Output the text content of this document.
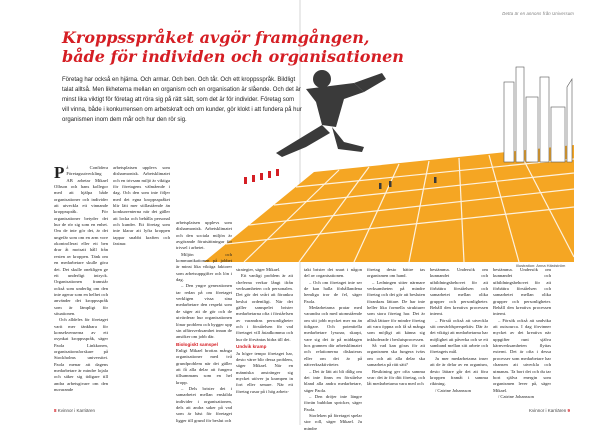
Detta är en annons från Universum
Kroppsspråket avgör framgången,
både för individen och organisationen

Företag har också en hjärna. Och armar. Och ben. Och tår. Och ett kroppsspråk. Bildligt talat alltså. Men likheterna mellan en organism och en organisation är slående. Och det är minst lika viktigt för företag att röra sig på rätt sätt, som det är för individer. Företag som vill vinna, både i konkurrensen om arbetskraft och om kunder, gör klokt i att fundera på hur organismen inom dem mår och hur den rör sig.

Illustration: Anna Härdström

På Confidera Företagsutveckling AB arbetar Mikael Olhson och hans kollegor med att hjälpa både organisationer och individer att utveckla ett vinnande kroppsspråk. För organisationer betyder det hur de rör sig som en enhet. Om de inte gör det, är det ungefär som om en arm vore okontrollerat eller ett ben drar åt motsatt håll från resten av kroppen. Tänk om en medarbetare skulle göra det. Det skulle onekligen ge ett underligt intryck. Organisationen framstår också som underlig om den inte agerar som en helhet och använder det kroppsspråk som är lämpligt för situationen.

Och alldeles för företaget varit mer tänkbara för konsekvenserna av ett osynkat kroppsspråk, säger Paola Linkkonen, organisationsforskare på Stockholms universitet. Paola menar att dagens medarbetare är mindre lojala och säker sig tidigare till andra arbetsgivare om den nuvarande

arbetsplatsen upplevs som disharmonisk. Arbetsklimatet och en trivsam miljö är viktiga för företagens välmående i dag. Och den som inte följer med det egna kroppsspråket blir lätt mer stillastående än konkurrenterna när det gäller att locka och behålla personal och kunder. Ett företag som inte klarar att lyfta kroppen tappar snabbt kraften och fastnar.

arbetsplatsen upplevs som disharmonisk. Arbetsklimatet och den sociala miljön är avgörande förutsättningar för trivsel i arbetet.

Miljön och kommunikationen på jobbet är minst lika viktiga faktorer som arbetsuppgifter och lön i dag.

– Den yngre generationen tar redan på om företaget verkligen vissa sina medarbetare den respekt som de säger att de gör och de utvärderar hur organisationen lönar problem och bygger upp sin affärsverksamhet innan de ansöker om jobb där.

Biologiskt samspel

Enligt Mikael brottas många organisationer med två grundproblem när det gäller att få alla delar att fungera tillsammans som en hel kropp.

– Dels brister det i samarbetet mellan enskilda individer i organisationen, dels att andra saker på vad som är bäst för företaget ligger till grund för beslut och

strategier, säger Mikael.

Ett vanligt problem är att cheferna verkar långt ifrån verksamheten och personalen. Det gör det svårt att förankra beslut ordentligt. När det gäller samspelet brister medarbetarna ofta i förståelsen av varandras personligheter och i förståelsen för vad företaget vill åstadkomma och hur de förväntas bidra till det.

Undvik kramp

Ju högre tempo företaget har, desto värre blir dessa problem, säger Mikael. När en människa anstränger sig mycket utöver ju krampen in fort eller senare. När ett företag rusar på i hög arbets-

takt brister det snart i någon del av organisationen.

– Och om företaget inte ser de kan halla förhållandena hemliga tror de fel, säger Paola.

Medarbetarna pratar med varandra och med utomstående om sitt jobb mycket mer nu än tidigare. Och potentiella medarbetare lyssnar, skarpt, vare sig det är på middagen hos grannen där arbetsklimatet och relationerna diskuteras eller om det är på nätverksaktiviteter.

– Det är lätt att bli dålig om det inte finns en förståelse bland alla andra medarbetare, säger Paola.

– Den dröjer inte längre förrän bubblan spricker, säger Paola.

Storleken på företaget spelar stor roll, säger Mikael. Ju mindre

företag desto bättre tas organismen om hand.

– Ledningen sitter närmare verksamheten på mindre företag och det gör att besluten förankras lättare. De har inte heller lika formella strukturer som stora företag har. Det är alltså lättare för mindre företag att vara öppna och få så många som möjligt att känna sig inkluderade i beslutsprocessen.

Så vad kan göras för att organismen ska fungera tvärs om och att alla delar ska samarbeta på rätt sätt?

Besiktning ger ofta samma svar: det är för ditt företag, och låt medarbetarna vara med och

bestämma. Undersök om kunnandet och utbildningsbehovet för att förbättra förståelsen och samarbetet mellan olika grupper och personligheter. Behåll den kreativa processen internt.

– Förstå också att utveckla sitt omvärldsperspektiv. Där är det viktigt att medarbetarna har möjlighet att påverka och se ett samband mellan sitt arbete och företagets mål.

Ju mer medarbetarna inser att de är delar av en organism, desto lättare går det att föra kroppen framåt i samma riktning.

/ Catrine Johansson

bestämma. Undersök om kunnandet och utbildningsbehovet för att förbättra förståelsen och samarbetet mellan olika grupper och personligheter. Behåll den kreativa processen internt.

– Försök också att undvika att outsourca. I dag förvinner mycket av det kreativa när uppgifter runt själva kärnverksamheten flyttas externt. Det är ofta i dessa processer som medarbetare har chansen att utveckla och utmanas. Ta bort det och du tar bort själva energin som organismen lever på, säger Mikael.

/ Catrine Johansson

8 Kvinnor i Karriären	Kvinnor i Karriären 9
